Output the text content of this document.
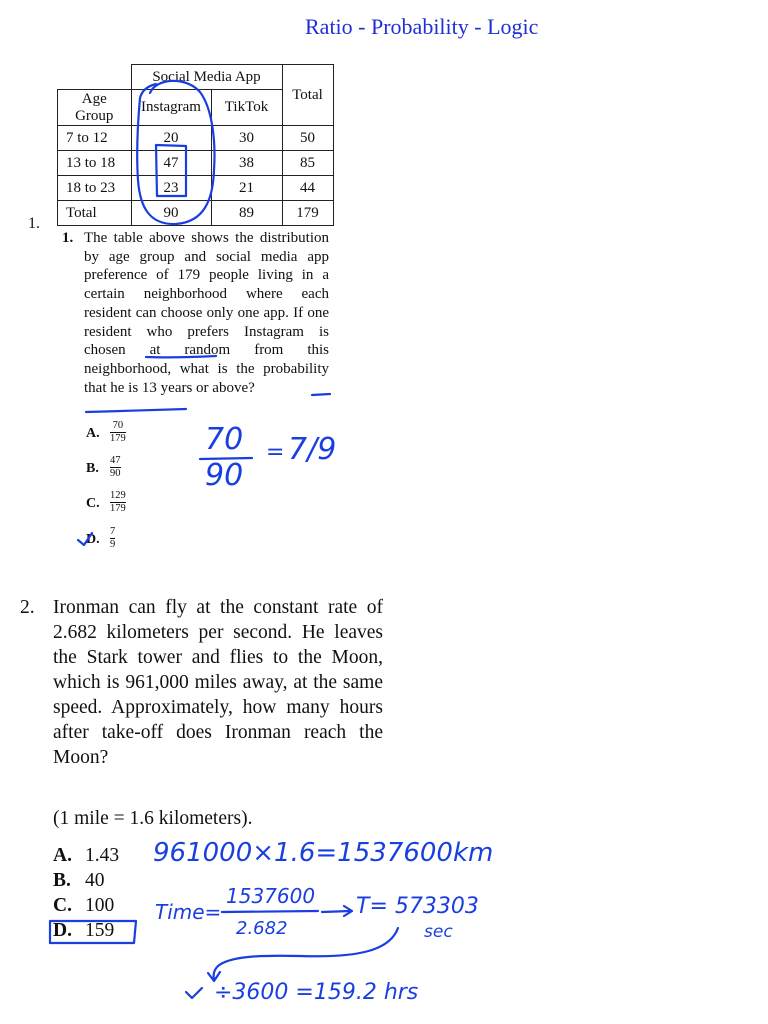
Ratio - Probability - Logic
	Social Media App		Total

Age
Group	Instagram	TikTok	
7 to 12	20	30	50
13 to 18	47	38	85
18 to 23	23	21	44
Total	90	89	179
1.
1. The table above shows the distribution by age group and social media app preference of 179 people living in a certain neighborhood where each resident can choose only one app. If one resident who prefers Instagram is chosen at random from this neighborhood, what is the probability that he is 13 years or above?
A.
70
179
B.
47
90
C.
129
179
D.
7
9
70
90
= 7/9
2. Ironman can fly at the constant rate of 2.682 kilometers per second. He leaves the Stark tower and flies to the Moon, which is 961,000 miles away, at the same speed. Approximately, how many hours after take-off does Ironman reach the Moon?
(1 mile = 1.6 kilometers).
A. 1.43
B. 40
C. 100
D. 159
961000×1.6=1537600km
Time=
1537600
2.682
T= 573303
sec
÷3600 =159.2 hrs
